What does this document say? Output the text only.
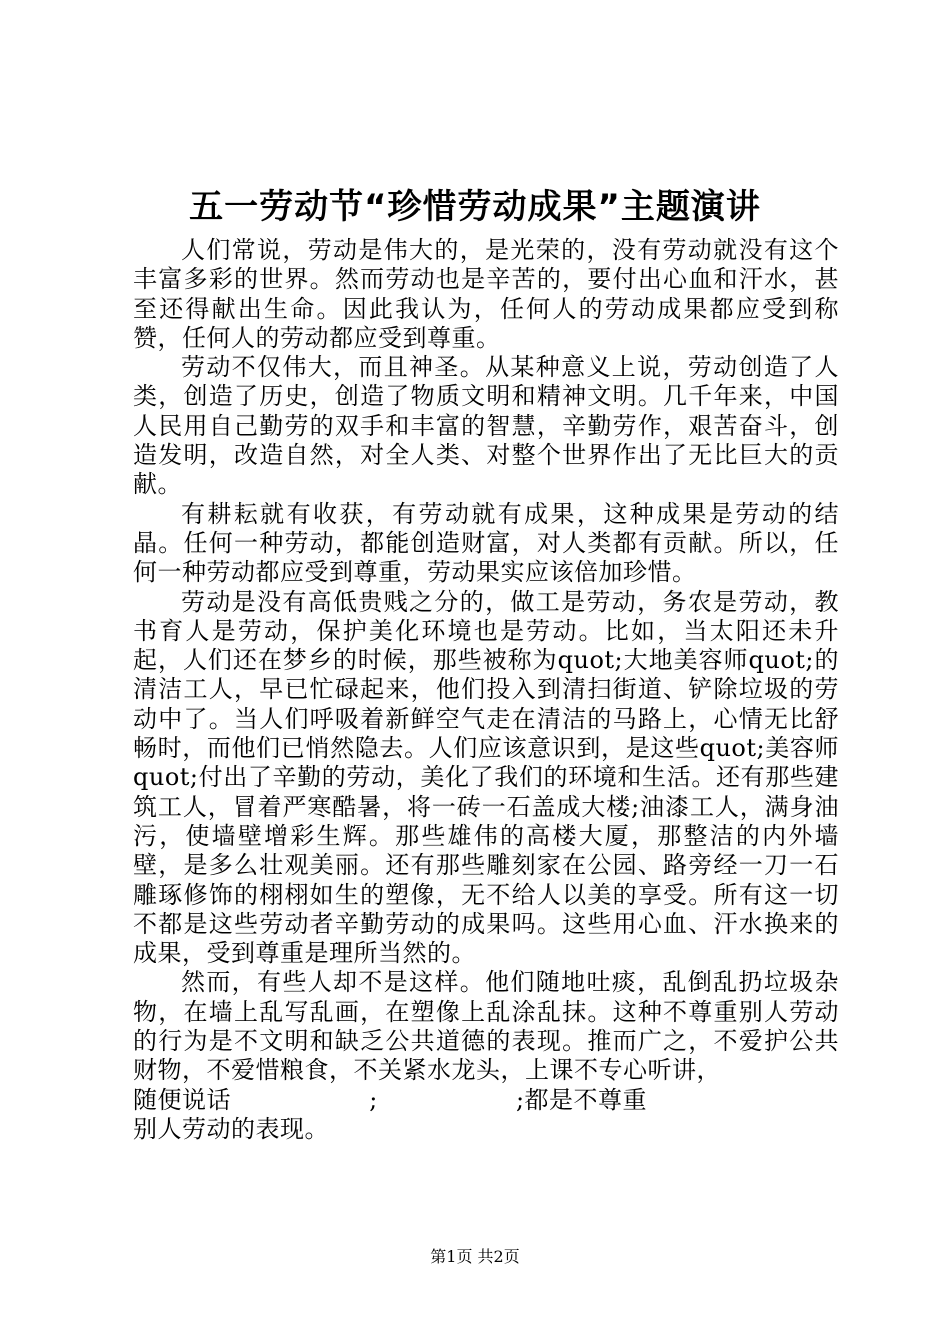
五一劳动节“珍惜劳动成果”主题演讲

人们常说，劳动是伟大的，是光荣的，没有劳动就没有这个丰富多彩的世界。然而劳动也是辛苦的，要付出心血和汗水，甚至还得献出生命。因此我认为，任何人的劳动成果都应受到称赞，任何人的劳动都应受到尊重。

劳动不仅伟大，而且神圣。从某种意义上说，劳动创造了人类，创造了历史，创造了物质文明和精神文明。几千年来，中国人民用自己勤劳的双手和丰富的智慧，辛勤劳作，艰苦奋斗，创造发明，改造自然，对全人类、对整个世界作出了无比巨大的贡献。

有耕耘就有收获，有劳动就有成果，这种成果是劳动的结晶。任何一种劳动，都能创造财富，对人类都有贡献。所以，任何一种劳动都应受到尊重，劳动果实应该倍加珍惜。

劳动是没有高低贵贱之分的，做工是劳动，务农是劳动，教书育人是劳动，保护美化环境也是劳动。比如，当太阳还未升起，人们还在梦乡的时候，那些被称为quot;大地美容师quot;的清洁工人，早已忙碌起来，他们投入到清扫街道、铲除垃圾的劳动中了。当人们呼吸着新鲜空气走在清洁的马路上，心情无比舒畅时，而他们已悄然隐去。人们应该意识到，是这些quot;美容师quot;付出了辛勤的劳动，美化了我们的环境和生活。还有那些建筑工人，冒着严寒酷暑，将一砖一石盖成大楼;油漆工人，满身油污，使墙壁增彩生辉。那些雄伟的高楼大厦，那整洁的内外墙壁，是多么壮观美丽。还有那些雕刻家在公园、路旁经一刀一石雕琢修饰的栩栩如生的塑像，无不给人以美的享受。所有这一切不都是这些劳动者辛勤劳动的成果吗。这些用心血、汗水换来的成果，受到尊重是理所当然的。

然而，有些人却不是这样。他们随地吐痰，乱倒乱扔垃圾杂物，在墙上乱写乱画，在塑像上乱涂乱抹。这种不尊重别人劳动的行为是不文明和缺乏公共道德的表现。推而广之，不爱护公共财物，不爱惜粮食，不关紧水龙头，上课不专心听讲，
随便说话                 ;                 ;都是不尊重
别人劳动的表现。

第1页 共2页
